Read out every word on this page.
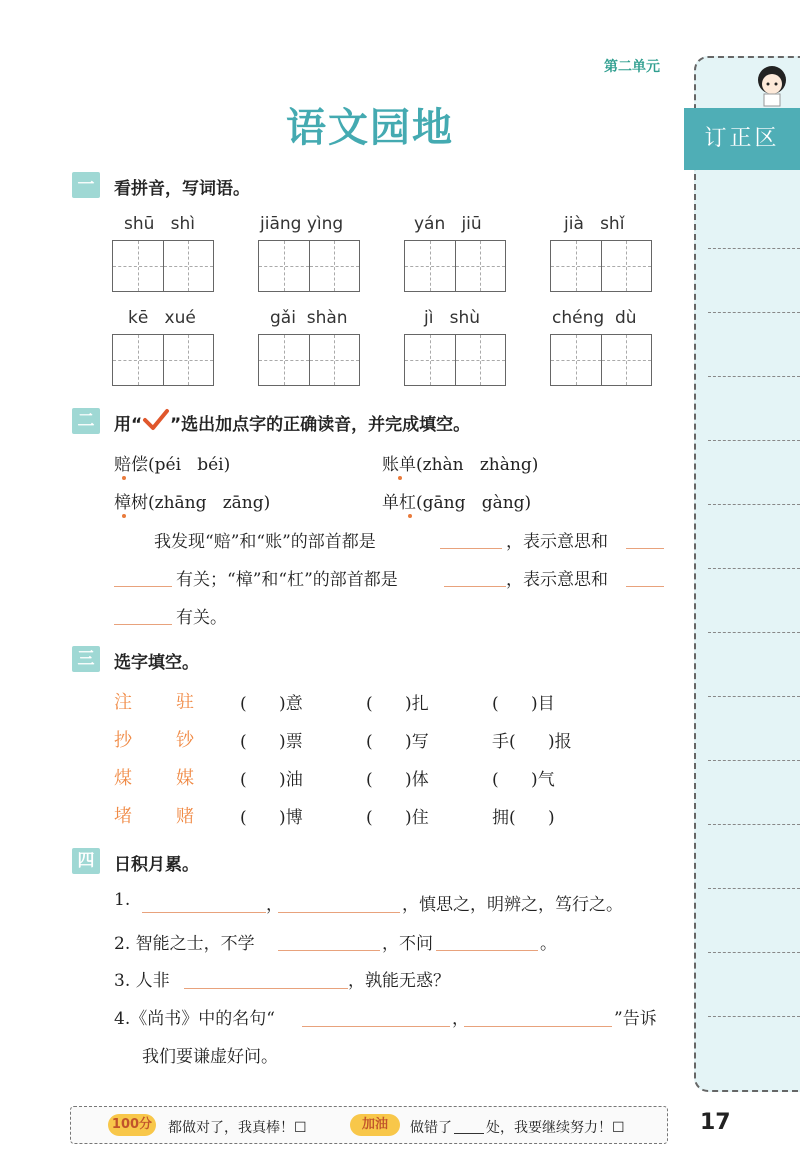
第二单元
语文园地	订正区
一	看拼音，写词语。
shū   shì	jiāng yìng	yán   jiū	jià   shǐ
kē   xué	gǎi  shàn	jì   shù	chéng  dù
二	用“ ”选出加点字的正确读音，并完成填空。
赔偿(péi   béi)	账单(zhàn   zhàng)
樟树(zhāng   zāng)	单杠(gāng   gàng)
我发现“赔”和“账”的部首都是	，表示意思和
有关；“樟”和“杠”的部首都是	，表示意思和
有关。
三	选字填空。
注 驻	(      )意	(      )扎	(      )目
抄 钞	(      )票	(      )写	手(      )报
煤 媒	(      )油	(      )体	(      )气
堵 赌	(      )博	(      )住	拥(      )
四	日积月累。
1.	，	，慎思之，明辨之，笃行之。
2. 智能之士，不学	，不问	。
3. 人非	，孰能无惑？
4.《尚书》中的名句“	，	”告诉
我们要谦虚好问。
100分 都做对了，我真棒！☐	加油	做错了 处，我要继续努力！☐	17
